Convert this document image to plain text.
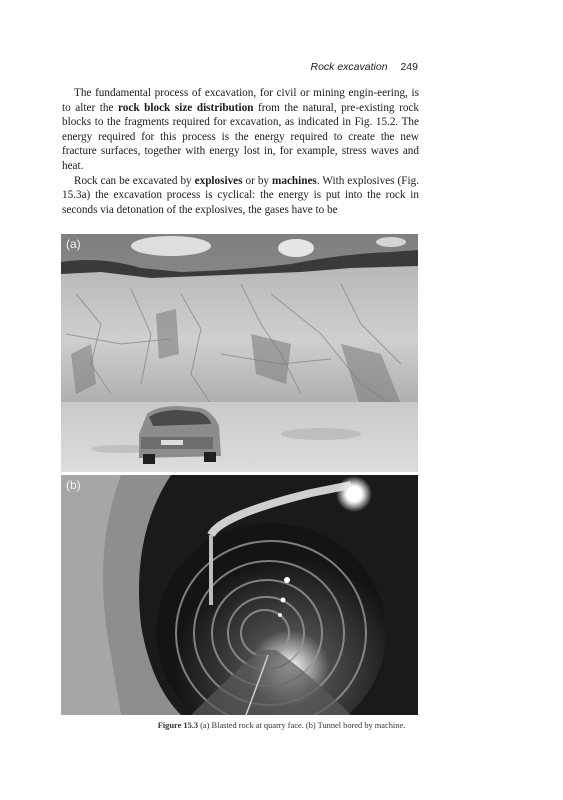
Rock excavation 249

The fundamental process of excavation, for civil or mining engin-eering, is to alter the rock block size distribution from the natural, pre-existing rock blocks to the fragments required for excavation, as indicated in Fig. 15.2. The energy required for this process is the energy required to create the new fracture surfaces, together with energy lost in, for example, stress waves and heat.

Rock can be excavated by explosives or by machines. With explosives (Fig. 15.3a) the excavation process is cyclical: the energy is put into the rock in seconds via detonation of the explosives, the gases have to be

(a)
(b)
Figure 15.3 (a) Blasted rock at quarry face. (b) Tunnel bored by machine.
